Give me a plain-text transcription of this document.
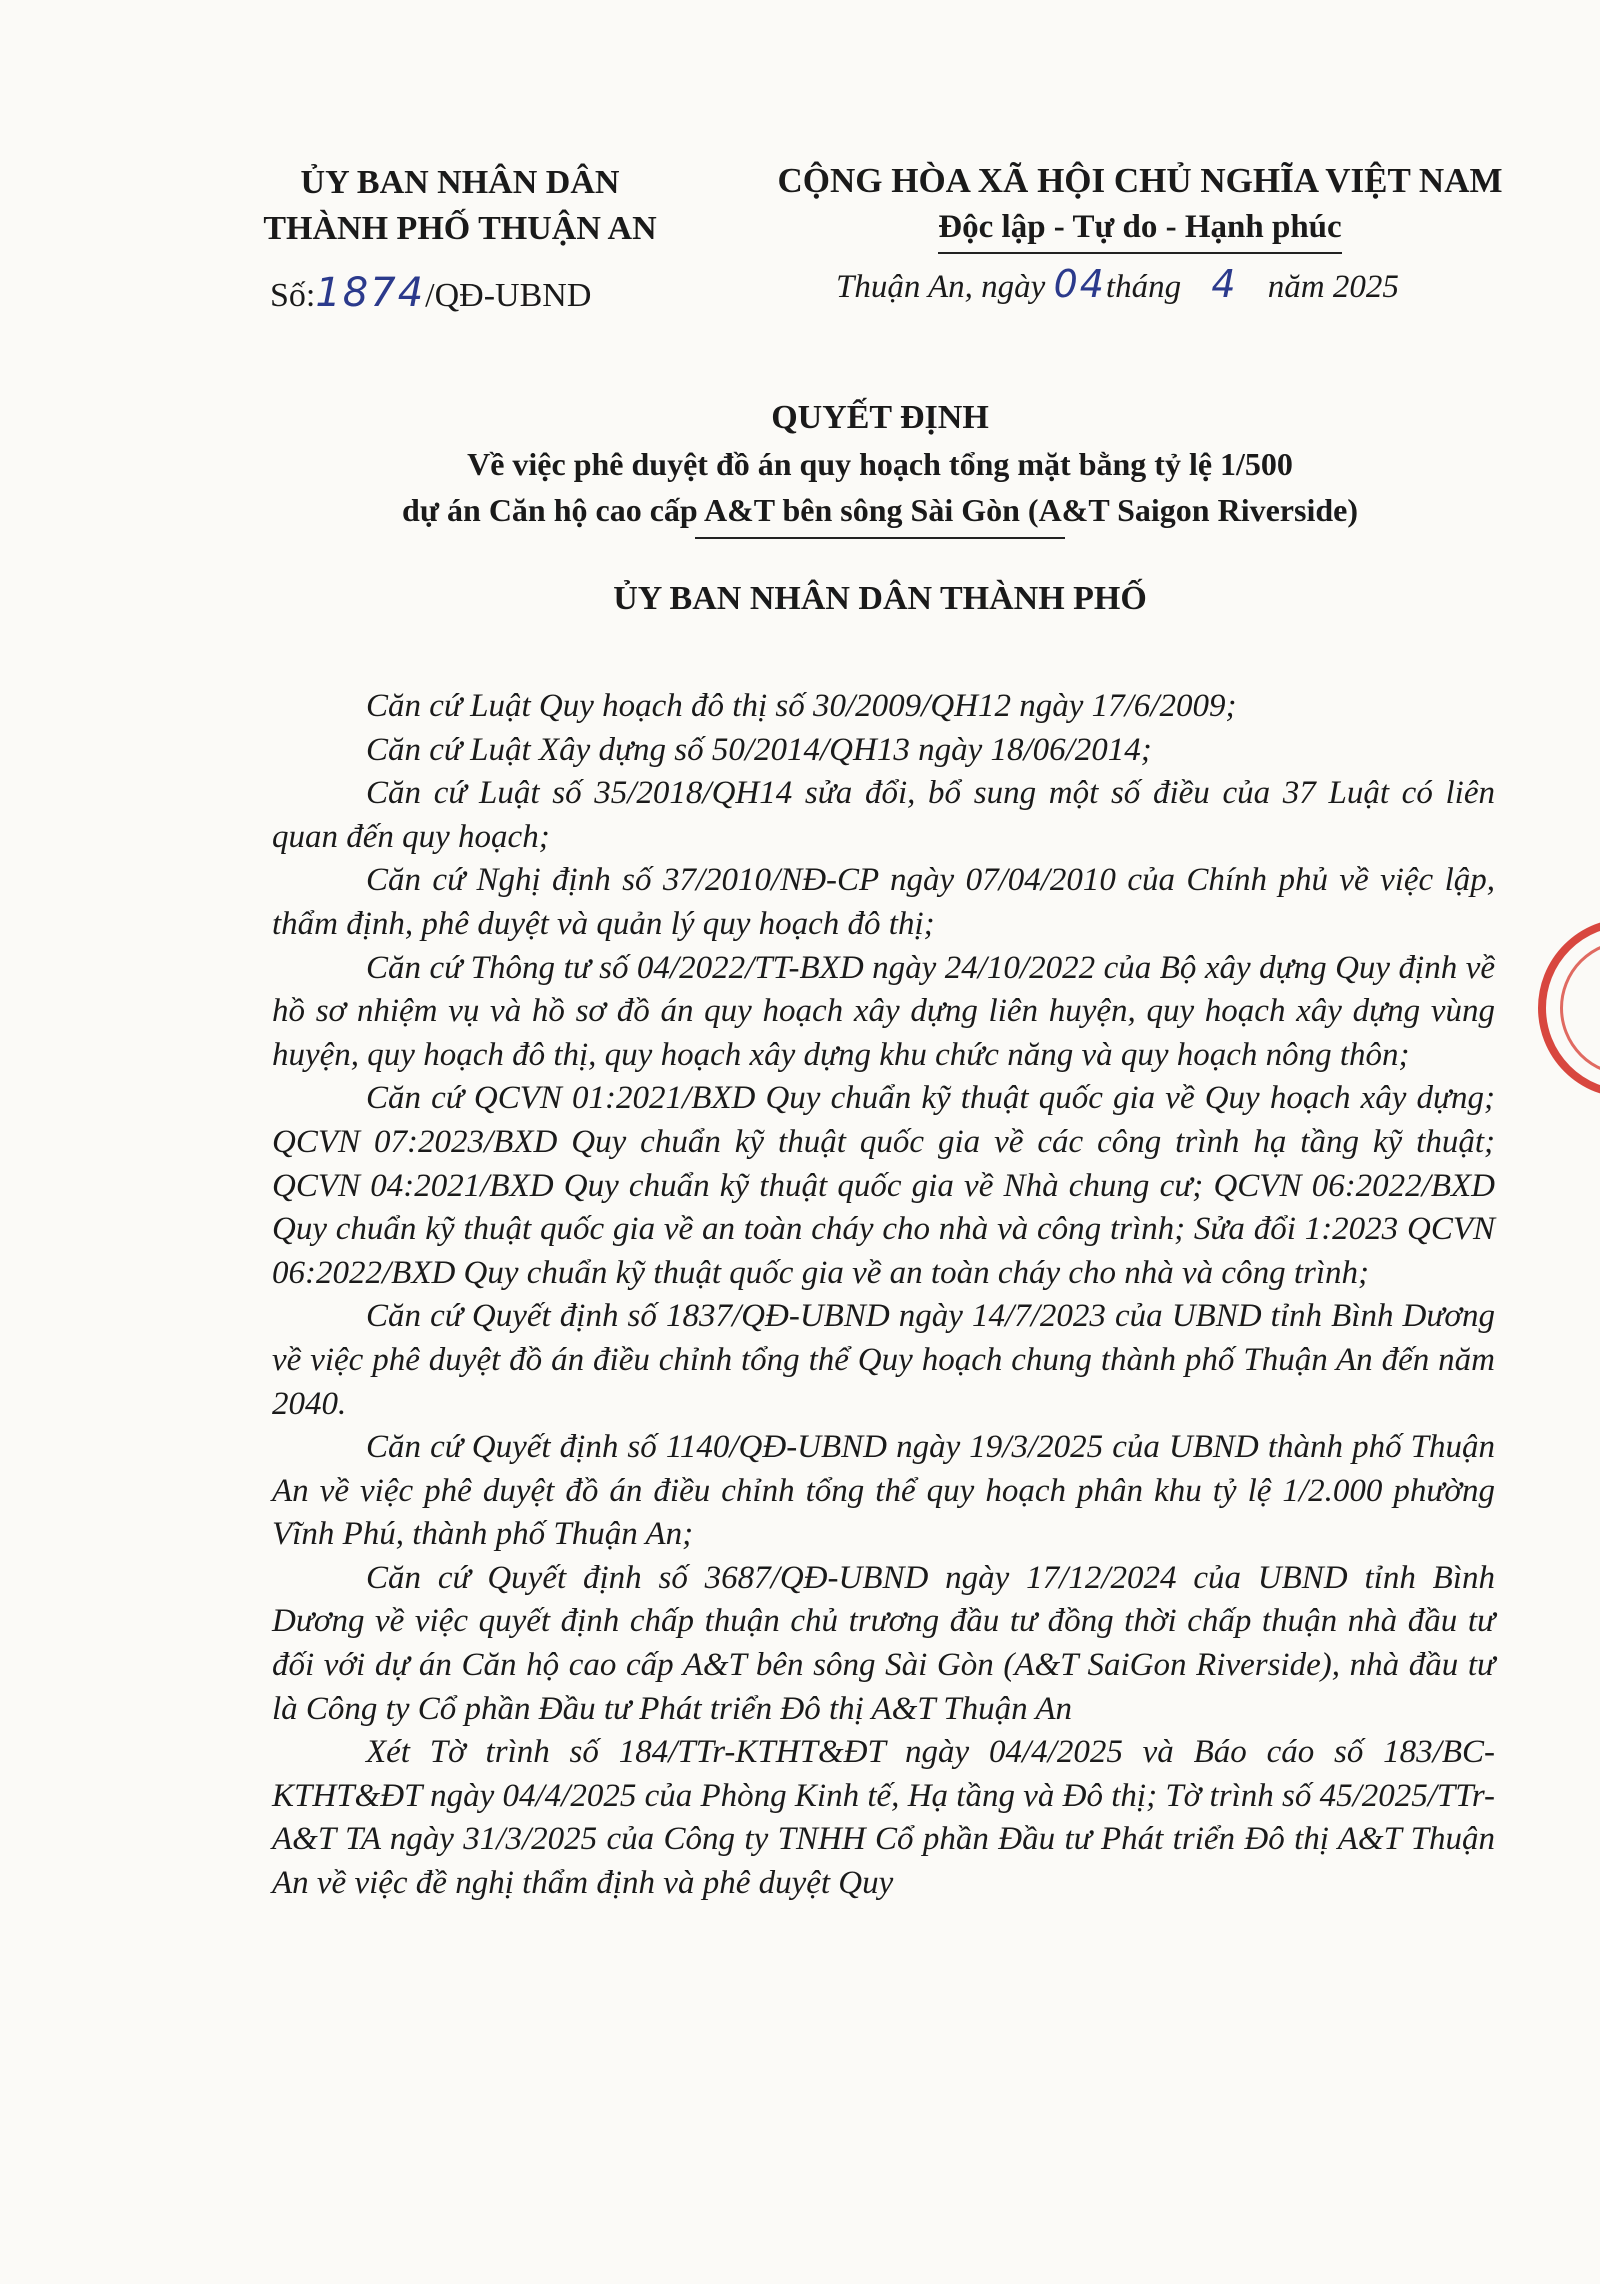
ỦY BAN NHÂN DÂN
THÀNH PHỐ THUẬN AN
Số:1874/QĐ-UBND
CỘNG HÒA XÃ HỘI CHỦ NGHĨA VIỆT NAM
Độc lập - Tự do - Hạnh phúc
Thuận An, ngày 04tháng 4 năm 2025
QUYẾT ĐỊNH
Về việc phê duyệt đồ án quy hoạch tổng mặt bằng tỷ lệ 1/500
dự án Căn hộ cao cấp A&T bên sông Sài Gòn (A&T Saigon Riverside)
ỦY BAN NHÂN DÂN THÀNH PHỐ

Căn cứ Luật Quy hoạch đô thị số 30/2009/QH12 ngày 17/6/2009;

Căn cứ Luật Xây dựng số 50/2014/QH13 ngày 18/06/2014;

Căn cứ Luật số 35/2018/QH14 sửa đổi, bổ sung một số điều của 37 Luật có liên quan đến quy hoạch;

Căn cứ Nghị định số 37/2010/NĐ-CP ngày 07/04/2010 của Chính phủ về việc lập, thẩm định, phê duyệt và quản lý quy hoạch đô thị;

Căn cứ Thông tư số 04/2022/TT-BXD ngày 24/10/2022 của Bộ xây dựng Quy định về hồ sơ nhiệm vụ và hồ sơ đồ án quy hoạch xây dựng liên huyện, quy hoạch xây dựng vùng huyện, quy hoạch đô thị, quy hoạch xây dựng khu chức năng và quy hoạch nông thôn;

Căn cứ QCVN 01:2021/BXD Quy chuẩn kỹ thuật quốc gia về Quy hoạch xây dựng; QCVN 07:2023/BXD Quy chuẩn kỹ thuật quốc gia về các công trình hạ tầng kỹ thuật; QCVN 04:2021/BXD Quy chuẩn kỹ thuật quốc gia về Nhà chung cư; QCVN 06:2022/BXD Quy chuẩn kỹ thuật quốc gia về an toàn cháy cho nhà và công trình; Sửa đổi 1:2023 QCVN 06:2022/BXD Quy chuẩn kỹ thuật quốc gia về an toàn cháy cho nhà và công trình;

Căn cứ Quyết định số 1837/QĐ-UBND ngày 14/7/2023 của UBND tỉnh Bình Dương về việc phê duyệt đồ án điều chỉnh tổng thể Quy hoạch chung thành phố Thuận An đến năm 2040.

Căn cứ Quyết định số 1140/QĐ-UBND ngày 19/3/2025 của UBND thành phố Thuận An về việc phê duyệt đồ án điều chỉnh tổng thể quy hoạch phân khu tỷ lệ 1/2.000 phường Vĩnh Phú, thành phố Thuận An;

Căn cứ Quyết định số 3687/QĐ-UBND ngày 17/12/2024 của UBND tỉnh Bình Dương về việc quyết định chấp thuận chủ trương đầu tư đồng thời chấp thuận nhà đầu tư đối với dự án Căn hộ cao cấp A&T bên sông Sài Gòn (A&T SaiGon Riverside), nhà đầu tư là Công ty Cổ phần Đầu tư Phát triển Đô thị A&T Thuận An

Xét Tờ trình số 184/TTr-KTHT&ĐT ngày 04/4/2025 và Báo cáo số 183/BC-KTHT&ĐT ngày 04/4/2025 của Phòng Kinh tế, Hạ tầng và Đô thị; Tờ trình số 45/2025/TTr-A&T TA ngày 31/3/2025 của Công ty TNHH Cổ phần Đầu tư Phát triển Đô thị A&T Thuận An về việc đề nghị thẩm định và phê duyệt Quy
